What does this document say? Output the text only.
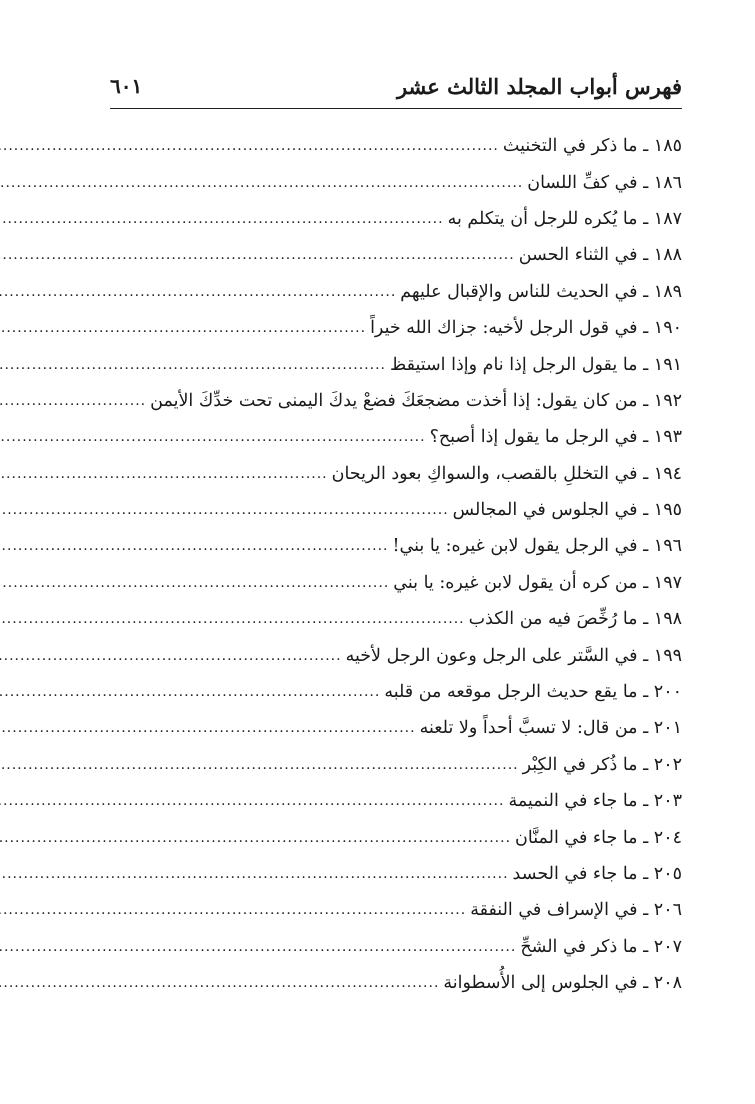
فهرس أبواب المجلد الثالث عشر
٦٠١
١٨٥ ـ ما ذكر في التخنيث
.....
١٨٦ ـ في كفِّ اللسان
.....
١٨٧ ـ ما يُكره للرجل أن يتكلم به
.....
١٨٨ ـ في الثناء الحسن
.....
١٨٩ ـ في الحديث للناس والإقبال عليهم
.....
١٩٠ ـ في قول الرجل لأخيه: جزاك الله خيراً
.....
١٩١ ـ ما يقول الرجل إذا نام وإذا استيقظ
.....
١٩٢ ـ من كان يقول: إذا أخذت مضجعَكَ فضعْ يدكَ اليمنى تحت خدِّكَ الأيمن
.....
١٩٣ ـ في الرجل ما يقول إذا أصبح؟
.....
١٩٤ ـ في التخللِ بالقصب، والسواكِ بعود الريحان
.....
١٩٥ ـ في الجلوس في المجالس
.....
١٩٦ ـ في الرجل يقول لابن غيره: يا بني!
.....
١٩٧ ـ من كره أن يقول لابن غيره: يا بني
.....
١٩٨ ـ ما رُخِّصَ فيه من الكذب
.....
١٩٩ ـ في السَّتر على الرجل وعون الرجل لأخيه
.....
٢٠٠ ـ ما يقع حديث الرجل موقعه من قلبه
.....
٢٠١ ـ من قال: لا تسبَّ أحداً ولا تلعنه
.....
٢٠٢ ـ ما ذُكر في الكِبْر
.....
٢٠٣ ـ ما جاء في النميمة
.....
٢٠٤ ـ ما جاء في المنَّان
.....
٢٠٥ ـ ما جاء في الحسد
.....
٢٠٦ ـ في الإسراف في النفقة
.....
٢٠٧ ـ ما ذكر في الشحِّ
.....
٢٠٨ ـ في الجلوس إلى الأُسطوانة
.....
